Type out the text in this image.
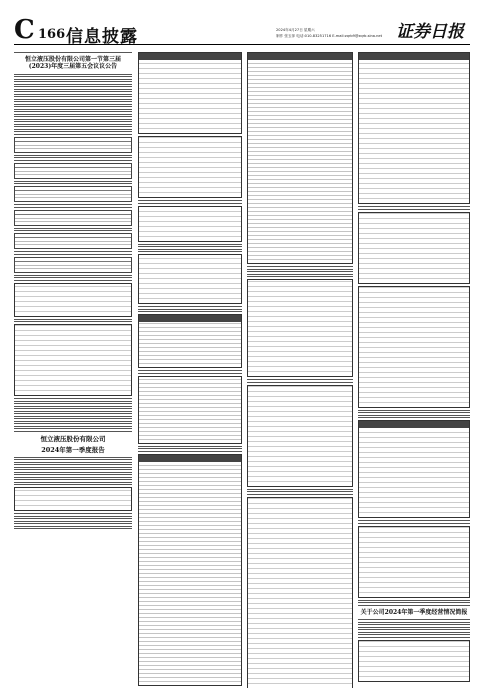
C 166 信息披露	2024年4月27日 星期六
制作 张玉萍 电话:010-83251716 E-mail:zqrb9@zqrb.sina.net 证券日报
恒立液压股份有限公司第一节第三届(2023)年度三届第五会议议公告
恒立液压股份有限公司
2024年第一季度报告
关于公司2024年第一季度经营情况简报
